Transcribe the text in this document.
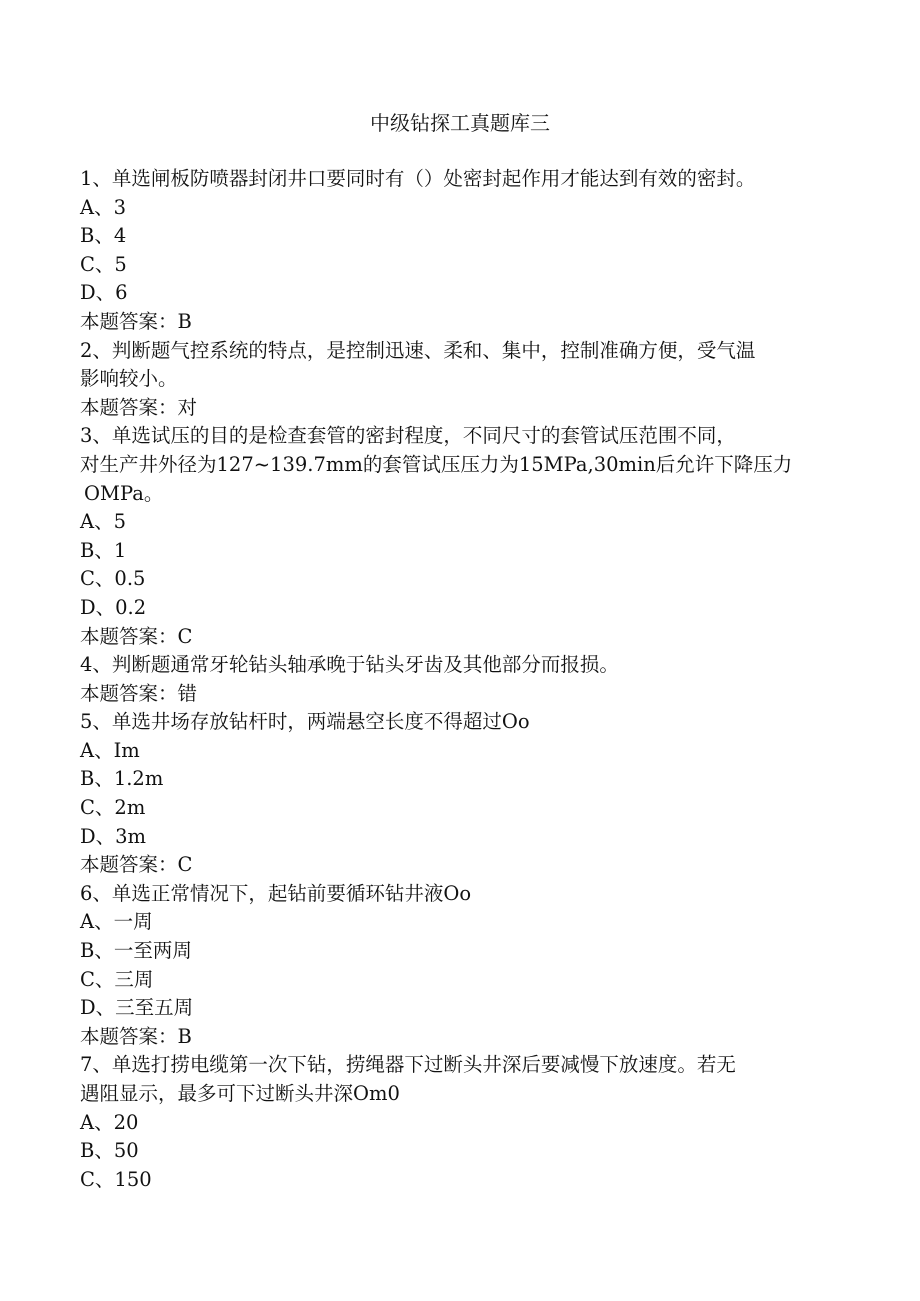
中级钻探工真题库三
1、单选闸板防喷器封闭井口要同时有（）处密封起作用才能达到有效的密封。
A、3
B、4
C、5
D、6
本题答案：B
2、判断题气控系统的特点，是控制迅速、柔和、集中，控制准确方便，受气温
影响较小。
本题答案：对
3、单选试压的目的是检查套管的密封程度，不同尺寸的套管试压范围不同，
对生产井外径为127~139.7mm的套管试压压力为15MPa,30min后允许下降压力
OMPa。
A、5
B、1
C、0.5
D、0.2
本题答案：C
4、判断题通常牙轮钻头轴承晚于钻头牙齿及其他部分而报损。
本题答案：错
5、单选井场存放钻杆时，两端悬空长度不得超过Oo
A、Im
B、1.2m
C、2m
D、3m
本题答案：C
6、单选正常情况下，起钻前要循环钻井液Oo
A、一周
B、一至两周
C、三周
D、三至五周
本题答案：B
7、单选打捞电缆第一次下钻，捞绳器下过断头井深后要减慢下放速度。若无
遇阻显示，最多可下过断头井深Om0
A、20
B、50
C、150
